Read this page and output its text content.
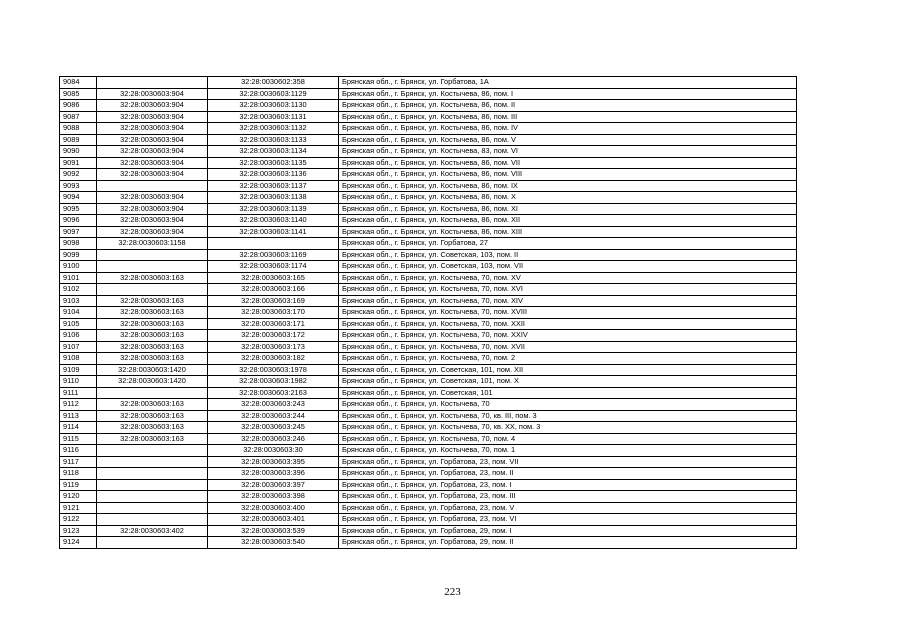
9084		32:28:0030602:358	Брянская обл., г. Брянск, ул. Горбатова, 1А
9085	32:28:0030603:904	32:28:0030603:1129	Брянская обл., г. Брянск, ул. Костычева, 86, пом. I
9086	32:28:0030603:904	32:28:0030603:1130	Брянская обл., г. Брянск, ул. Костычева, 86, пом. II
9087	32:28:0030603:904	32:28:0030603:1131	Брянская обл., г. Брянск, ул. Костычева, 86, пом. III
9088	32:28:0030603:904	32:28:0030603:1132	Брянская обл., г. Брянск, ул. Костычева, 86, пом. IV
9089	32:28:0030603:904	32:28:0030603:1133	Брянская обл., г. Брянск, ул. Костычева, 86, пом. V
9090	32:28:0030603:904	32:28:0030603:1134	Брянская обл., г. Брянск, ул. Костычева, 83, пом. VI
9091	32:28:0030603:904	32:28:0030603:1135	Брянская обл., г. Брянск, ул. Костычева, 86, пом. VII
9092	32:28:0030603:904	32:28:0030603:1136	Брянская обл., г. Брянск, ул. Костычева, 86, пом. VIII
9093		32:28:0030603:1137	Брянская обл., г. Брянск, ул. Костычева, 86, пом. IX
9094	32:28:0030603:904	32:28:0030603:1138	Брянская обл., г. Брянск, ул. Костычева, 86, пом. X
9095	32:28:0030603:904	32:28:0030603:1139	Брянская обл., г. Брянск, ул. Костычева, 86, пом. XI
9096	32:28:0030603:904	32:28:0030603:1140	Брянская обл., г. Брянск, ул. Костычева, 86, пом. XII
9097	32:28:0030603:904	32:28:0030603:1141	Брянская обл., г. Брянск, ул. Костычева, 86, пом. XIII
9098	32:28:0030603:1158		Брянская обл., г. Брянск, ул. Горбатова, 27
9099		32:28:0030603:1169	Брянская обл., г. Брянск, ул. Советская, 103, пом. II
9100		32:28:0030603:1174	Брянская обл., г. Брянск, ул. Советская, 103, пом. VII
9101	32:28:0030603:163	32:28:0030603:165	Брянская обл., г. Брянск, ул. Костычева, 70, пом. XV
9102		32:28:0030603:166	Брянская обл., г. Брянск, ул. Костычева, 70, пом. XVI
9103	32:28:0030603:163	32:28:0030603:169	Брянская обл., г. Брянск, ул. Костычева, 70, пом. XIV
9104	32:28:0030603:163	32:28:0030603:170	Брянская обл., г. Брянск, ул. Костычева, 70, пом. XVIII
9105	32:28:0030603:163	32:28:0030603:171	Брянская обл., г. Брянск, ул. Костычева, 70, пом. XXII
9106	32:28:0030603:163	32:28:0030603:172	Брянская обл., г. Брянск, ул. Костычева, 70, пом. XXIV
9107	32:28:0030603:163	32:28:0030603:173	Брянская обл., г. Брянск, ул. Костычева, 70, пом. XVII
9108	32:28:0030603:163	32:28:0030603:182	Брянская обл., г. Брянск, ул. Костычева, 70, пом. 2
9109	32:28:0030603:1420	32:28:0030603:1978	Брянская обл., г. Брянск, ул. Советская, 101, пом. XII
9110	32:28:0030603:1420	32:28:0030603:1982	Брянская обл., г. Брянск, ул. Советская, 101, пом. X
9111		32:28:0030603:2163	Брянская обл., г. Брянск, ул. Советская, 101
9112	32:28:0030603:163	32:28:0030603:243	Брянская обл., г. Брянск, ул. Костычева, 70
9113	32:28:0030603:163	32:28:0030603:244	Брянская обл., г. Брянск, ул. Костычева, 70, кв. III, пом. 3
9114	32:28:0030603:163	32:28:0030603:245	Брянская обл., г. Брянск, ул. Костычева, 70, кв. XX, пом. 3
9115	32:28:0030603:163	32:28:0030603:246	Брянская обл., г. Брянск, ул. Костычева, 70, пом. 4
9116		32:28:0030603:30	Брянская обл., г. Брянск, ул. Костычева, 70, пом. 1
9117		32:28:0030603:395	Брянская обл., г. Брянск, ул. Горбатова, 23, пом. VII
9118		32:28:0030603:396	Брянская обл., г. Брянск, ул. Горбатова, 23, пом. II
9119		32:28:0030603:397	Брянская обл., г. Брянск, ул. Горбатова, 23, пом. I
9120		32:28:0030603:398	Брянская обл., г. Брянск, ул. Горбатова, 23, пом. III
9121		32:28:0030603:400	Брянская обл., г. Брянск, ул. Горбатова, 23, пом. V
9122		32:28:0030603:401	Брянская обл., г. Брянск, ул. Горбатова, 23, пом. VI
9123	32:28:0030603:402	32:28:0030603:539	Брянская обл., г. Брянск, ул. Горбатова, 29, пом. I
9124		32:28:0030603:540	Брянская обл., г. Брянск, ул. Горбатова, 29, пом. II
223
